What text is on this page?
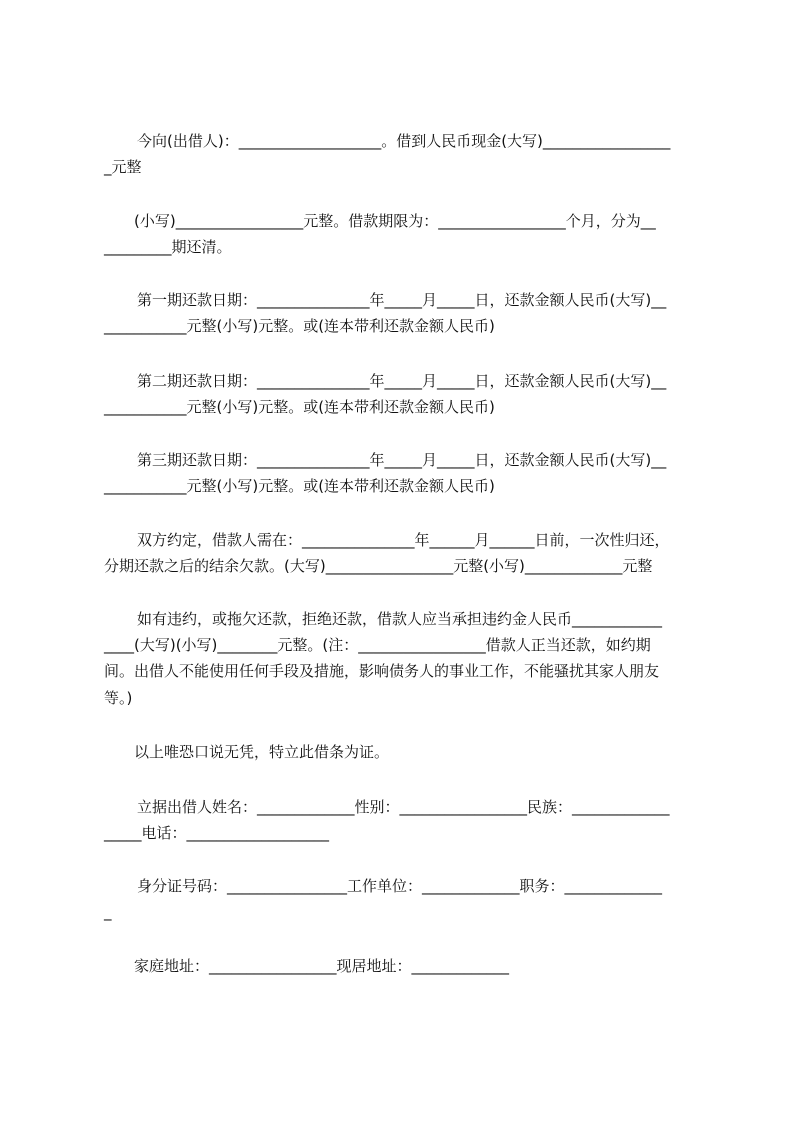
今向(出借人)：___________________。借到人民币现金(大写)_________________
_元整
(小写)_________________元整。借款期限为：_________________个月，分为__
_________期还清。
第一期还款日期：_______________年_____月_____日，还款金额人民币(大写)__
___________元整(小写)元整。或(连本带利还款金额人民币)
第二期还款日期：_______________年_____月_____日，还款金额人民币(大写)__
___________元整(小写)元整。或(连本带利还款金额人民币)
第三期还款日期：_______________年_____月_____日，还款金额人民币(大写)__
___________元整(小写)元整。或(连本带利还款金额人民币)
双方约定，借款人需在：_______________年______月______日前，一次性归还，
分期还款之后的结余欠款。(大写)_________________元整(小写)_____________元整
如有违约，或拖欠还款，拒绝还款，借款人应当承担违约金人民币____________
____(大写)(小写)________元整。(注：_________________借款人正当还款，如约期
间。出借人不能使用任何手段及措施，影响债务人的事业工作，不能骚扰其家人朋友
等。)
以上唯恐口说无凭，特立此借条为证。
立据出借人姓名：_____________性别：_________________民族：_____________
_____电话：___________________
身分证号码：________________工作单位：_____________职务：_____________
_
家庭地址：_________________现居地址：_____________
